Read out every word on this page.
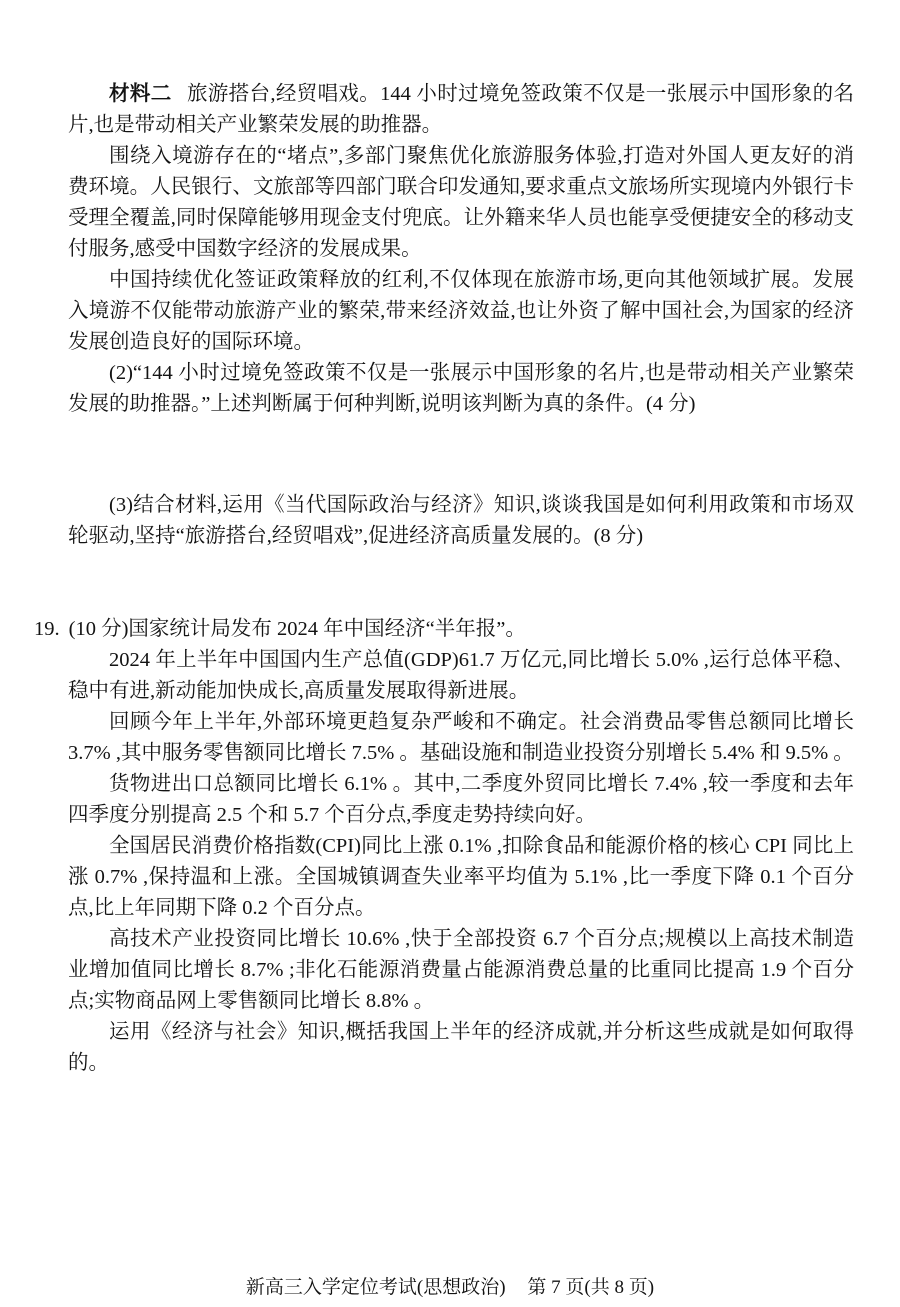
材料二 旅游搭台,经贸唱戏。144 小时过境免签政策不仅是一张展示中国形象的名片,也是带动相关产业繁荣发展的助推器。

围绕入境游存在的“堵点”,多部门聚焦优化旅游服务体验,打造对外国人更友好的消费环境。人民银行、文旅部等四部门联合印发通知,要求重点文旅场所实现境内外银行卡受理全覆盖,同时保障能够用现金支付兜底。让外籍来华人员也能享受便捷安全的移动支付服务,感受中国数字经济的发展成果。

中国持续优化签证政策释放的红利,不仅体现在旅游市场,更向其他领域扩展。发展入境游不仅能带动旅游产业的繁荣,带来经济效益,也让外资了解中国社会,为国家的经济发展创造良好的国际环境。

(2)“144 小时过境免签政策不仅是一张展示中国形象的名片,也是带动相关产业繁荣发展的助推器。”上述判断属于何种判断,说明该判断为真的条件。(4 分)

(3)结合材料,运用《当代国际政治与经济》知识,谈谈我国是如何利用政策和市场双轮驱动,坚持“旅游搭台,经贸唱戏”,促进经济高质量发展的。(8 分)

19. (10 分)国家统计局发布 2024 年中国经济“半年报”。

2024 年上半年中国国内生产总值(GDP)61.7 万亿元,同比增长 5.0% ,运行总体平稳、稳中有进,新动能加快成长,高质量发展取得新进展。

回顾今年上半年,外部环境更趋复杂严峻和不确定。社会消费品零售总额同比增长 3.7% ,其中服务零售额同比增长 7.5% 。基础设施和制造业投资分别增长 5.4% 和 9.5% 。

货物进出口总额同比增长 6.1% 。其中,二季度外贸同比增长 7.4% ,较一季度和去年四季度分别提高 2.5 个和 5.7 个百分点,季度走势持续向好。

全国居民消费价格指数(CPI)同比上涨 0.1% ,扣除食品和能源价格的核心 CPI 同比上涨 0.7% ,保持温和上涨。全国城镇调查失业率平均值为 5.1% ,比一季度下降 0.1 个百分点,比上年同期下降 0.2 个百分点。

高技术产业投资同比增长 10.6% ,快于全部投资 6.7 个百分点;规模以上高技术制造业增加值同比增长 8.7% ;非化石能源消费量占能源消费总量的比重同比提高 1.9 个百分点;实物商品网上零售额同比增长 8.8% 。

运用《经济与社会》知识,概括我国上半年的经济成就,并分析这些成就是如何取得的。

新高三入学定位考试(思想政治) 第 7 页(共 8 页)
